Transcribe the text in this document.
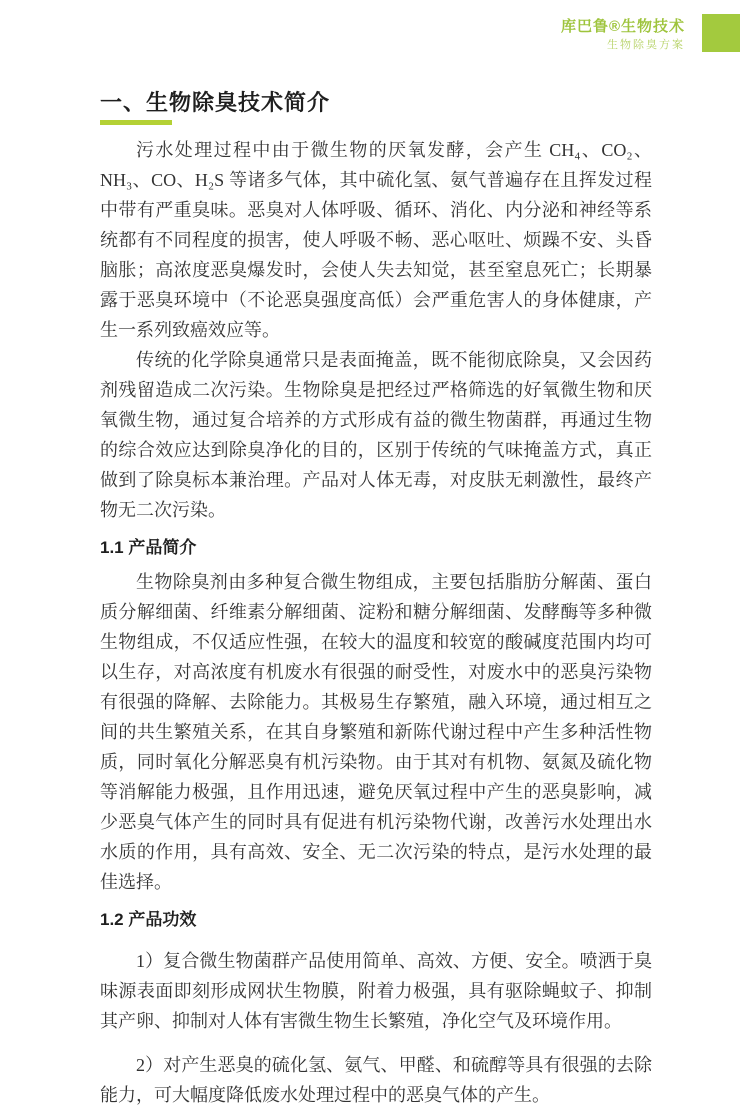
库巴鲁®生物技术
生物除臭方案
一、生物除臭技术简介

污水处理过程中由于微生物的厌氧发酵，会产生 CH₄、CO₂、NH₃、CO、H₂S 等诸多气体，其中硫化氢、氨气普遍存在且挥发过程中带有严重臭味。恶臭对人体呼吸、循环、消化、内分泌和神经等系统都有不同程度的损害，使人呼吸不畅、恶心呕吐、烦躁不安、头昏脑胀；高浓度恶臭爆发时，会使人失去知觉，甚至窒息死亡；长期暴露于恶臭环境中（不论恶臭强度高低）会严重危害人的身体健康，产生一系列致癌效应等。

传统的化学除臭通常只是表面掩盖，既不能彻底除臭，又会因药剂残留造成二次污染。生物除臭是把经过严格筛选的好氧微生物和厌氧微生物，通过复合培养的方式形成有益的微生物菌群，再通过生物的综合效应达到除臭净化的目的，区别于传统的气味掩盖方式，真正做到了除臭标本兼治理。产品对人体无毒，对皮肤无刺激性，最终产物无二次污染。

1.1 产品简介

生物除臭剂由多种复合微生物组成，主要包括脂肪分解菌、蛋白质分解细菌、纤维素分解细菌、淀粉和糖分解细菌、发酵酶等多种微生物组成，不仅适应性强，在较大的温度和较宽的酸碱度范围内均可以生存，对高浓度有机废水有很强的耐受性，对废水中的恶臭污染物有很强的降解、去除能力。其极易生存繁殖，融入环境，通过相互之间的共生繁殖关系，在其自身繁殖和新陈代谢过程中产生多种活性物质，同时氧化分解恶臭有机污染物。由于其对有机物、氨氮及硫化物等消解能力极强，且作用迅速，避免厌氧过程中产生的恶臭影响，减少恶臭气体产生的同时具有促进有机污染物代谢，改善污水处理出水水质的作用，具有高效、安全、无二次污染的特点，是污水处理的最佳选择。

1.2 产品功效

1）复合微生物菌群产品使用简单、高效、方便、安全。喷洒于臭味源表面即刻形成网状生物膜，附着力极强，具有驱除蝇蚊子、抑制其产卵、抑制对人体有害微生物生长繁殖，净化空气及环境作用。

2）对产生恶臭的硫化氢、氨气、甲醛、和硫醇等具有很强的去除能力，可大幅度降低废水处理过程中的恶臭气体的产生。
